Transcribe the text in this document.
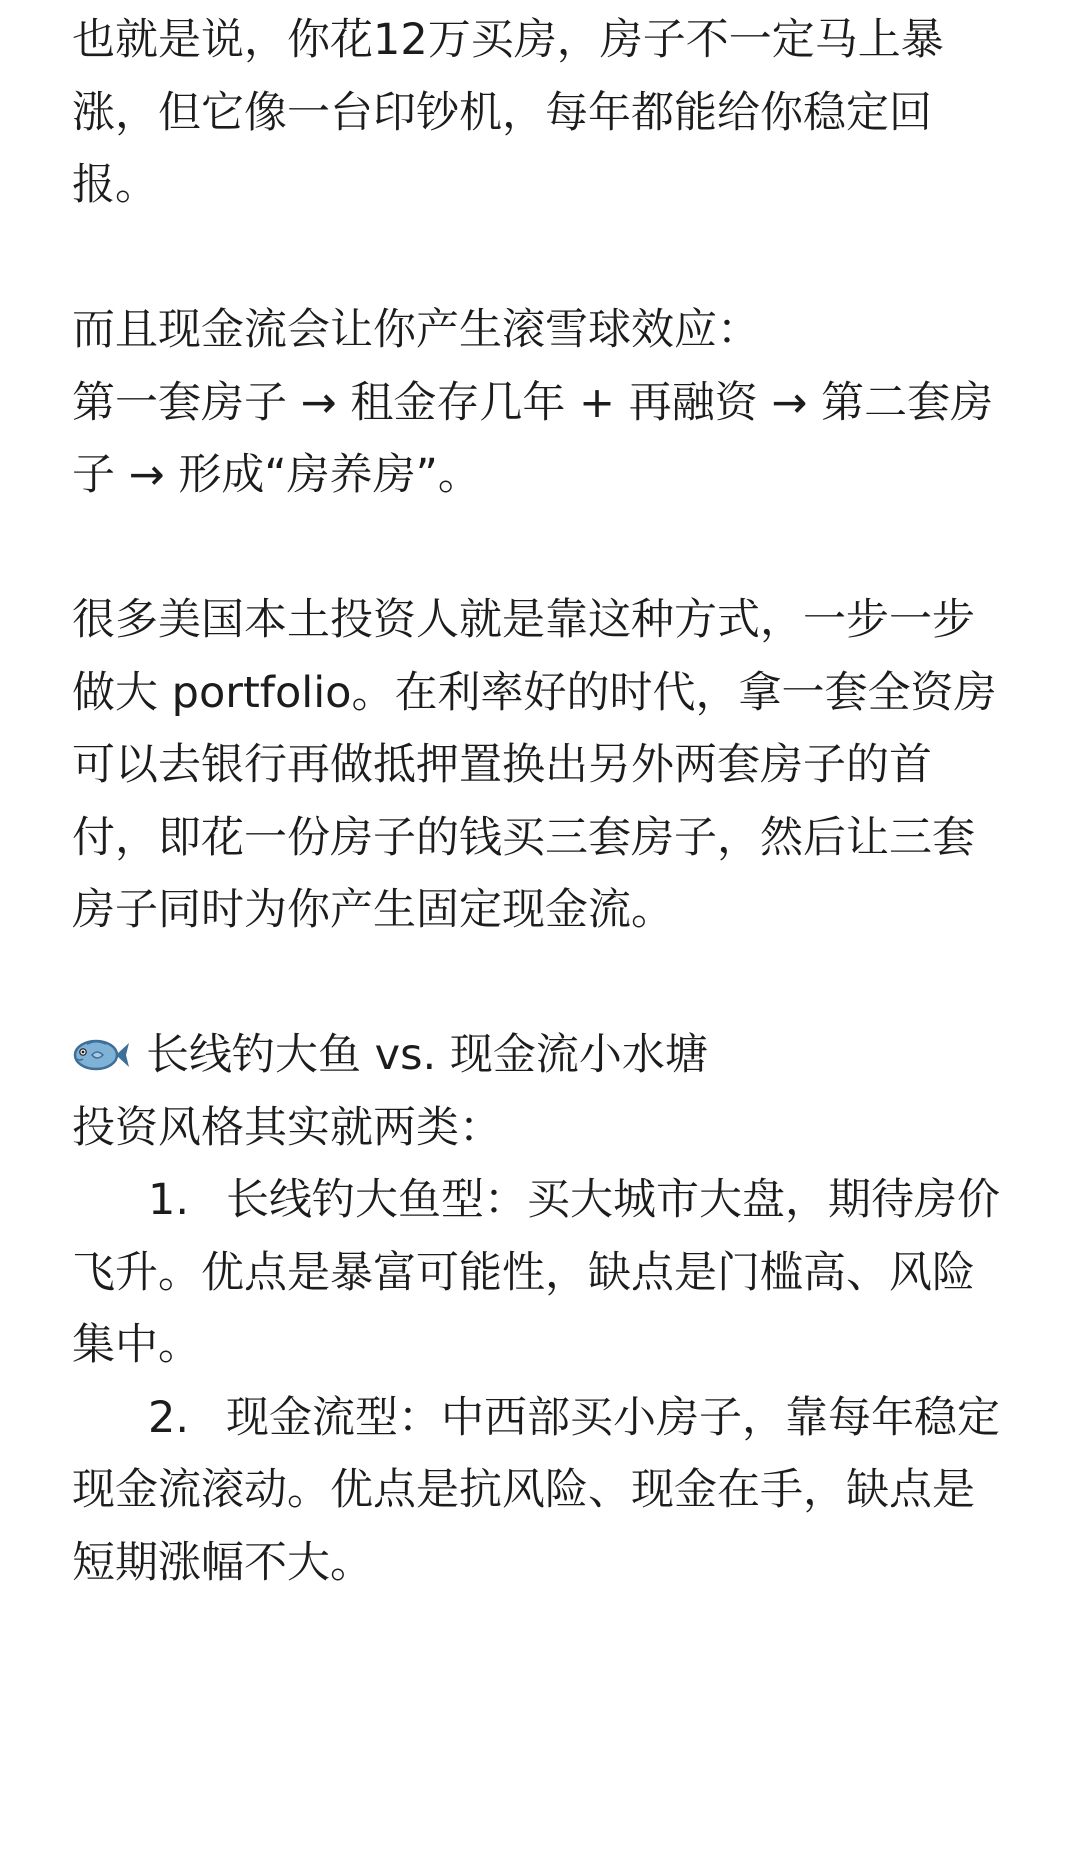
也就是说，你花12万买房，房子不一定马上暴涨，但它像一台印钞机，每年都能给你稳定回报。

而且现金流会让你产生滚雪球效应：

第一套房子 → 租金存几年 + 再融资 → 第二套房子 → 形成“房养房”。

很多美国本土投资人就是靠这种方式，一步一步做大 portfolio。在利率好的时代，拿一套全资房可以去银行再做抵押置换出另外两套房子的首付，即花一份房子的钱买三套房子，然后让三套房子同时为你产生固定现金流。

长线钓大鱼 vs. 现金流小水塘

投资风格其实就两类：

1. 长线钓大鱼型：买大城市大盘，期待房价飞升。优点是暴富可能性，缺点是门槛高、风险集中。

2. 现金流型：中西部买小房子，靠每年稳定现金流滚动。优点是抗风险、现金在手，缺点是短期涨幅不大。
